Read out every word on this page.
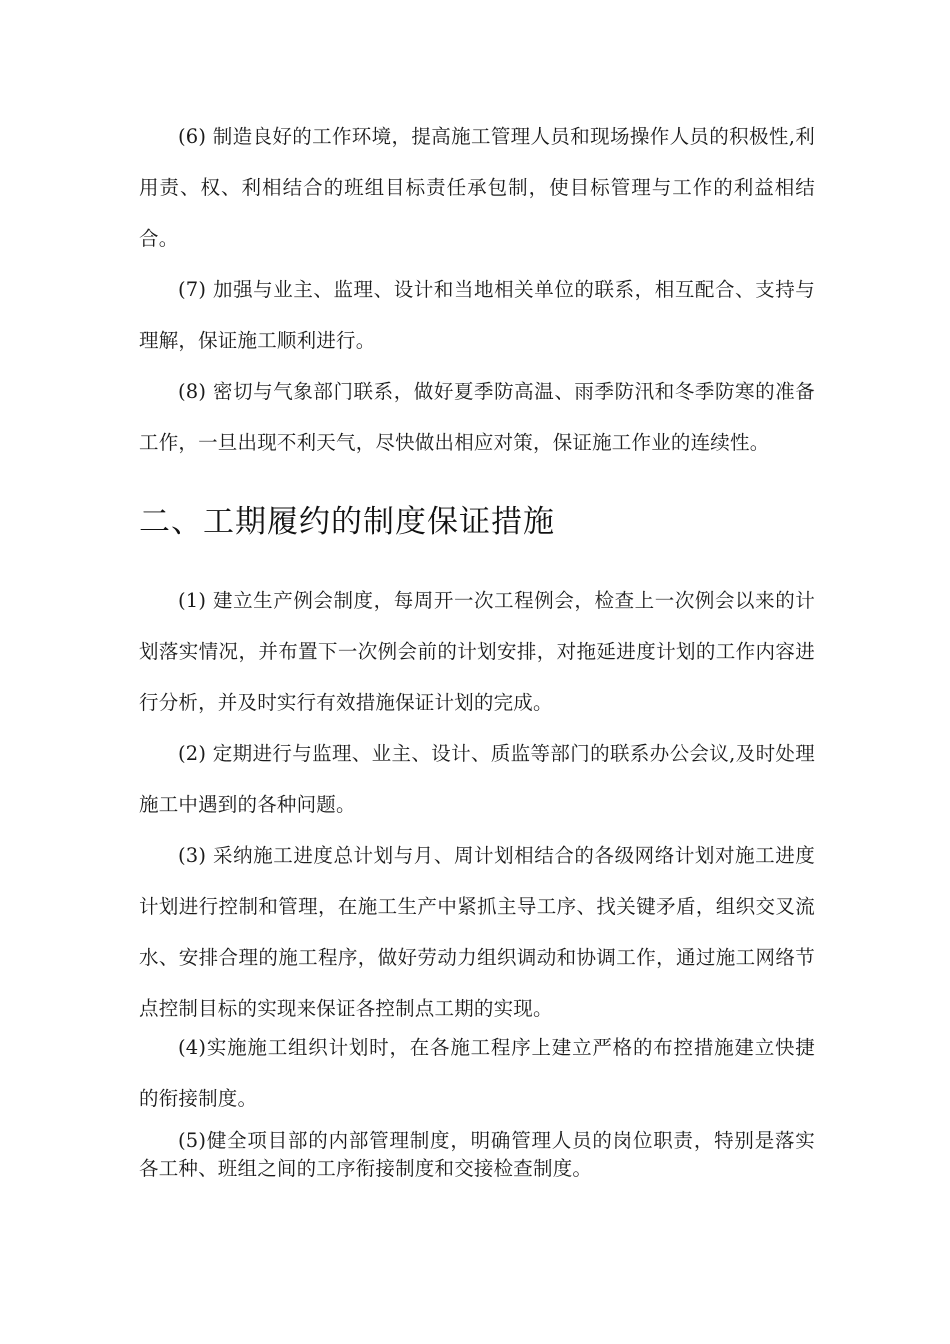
(6) 制造良好的工作环境，提高施工管理人员和现场操作人员的积极性,利用责、权、利相结合的班组目标责任承包制，使目标管理与工作的利益相结合。

(7) 加强与业主、监理、设计和当地相关单位的联系，相互配合、支持与理解，保证施工顺利进行。

(8) 密切与气象部门联系，做好夏季防高温、雨季防汛和冬季防寒的准备工作，一旦出现不利天气，尽快做出相应对策，保证施工作业的连续性。

二、工期履约的制度保证措施

(1) 建立生产例会制度，每周开一次工程例会，检查上一次例会以来的计划落实情况，并布置下一次例会前的计划安排，对拖延进度计划的工作内容进行分析，并及时实行有效措施保证计划的完成。

(2) 定期进行与监理、业主、设计、质监等部门的联系办公会议,及时处理施工中遇到的各种问题。

(3) 采纳施工进度总计划与月、周计划相结合的各级网络计划对施工进度计划进行控制和管理，在施工生产中紧抓主导工序、找关键矛盾，组织交叉流水、安排合理的施工程序，做好劳动力组织调动和协调工作，通过施工网络节点控制目标的实现来保证各控制点工期的实现。

(4)实施施工组织计划时，在各施工程序上建立严格的布控措施建立快捷的衔接制度。

(5)健全项目部的内部管理制度，明确管理人员的岗位职责，特别是落实各工种、班组之间的工序衔接制度和交接检查制度。
